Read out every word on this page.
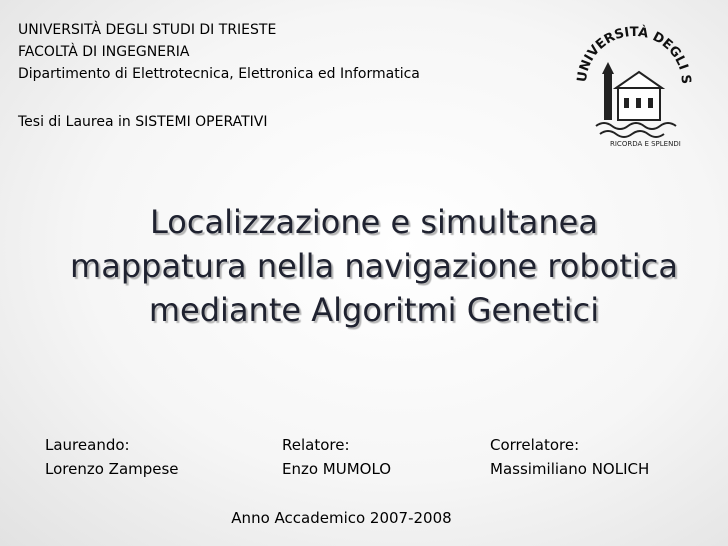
UNIVERSITÀ DEGLI STUDI DI TRIESTE
FACOLTÀ DI INGEGNERIA
Dipartimento di Elettrotecnica, Elettronica ed Informatica
Tesi di Laurea in SISTEMI OPERATIVI
UNIVERSITÀ DEGLI S
RICORDA E SPLENDI
Localizzazione e simultanea
mappatura nella navigazione robotica
mediante Algoritmi Genetici
Laureando:
Lorenzo Zampese
Relatore:
Enzo MUMOLO
Correlatore:
Massimiliano NOLICH
Anno Accademico 2007-2008
